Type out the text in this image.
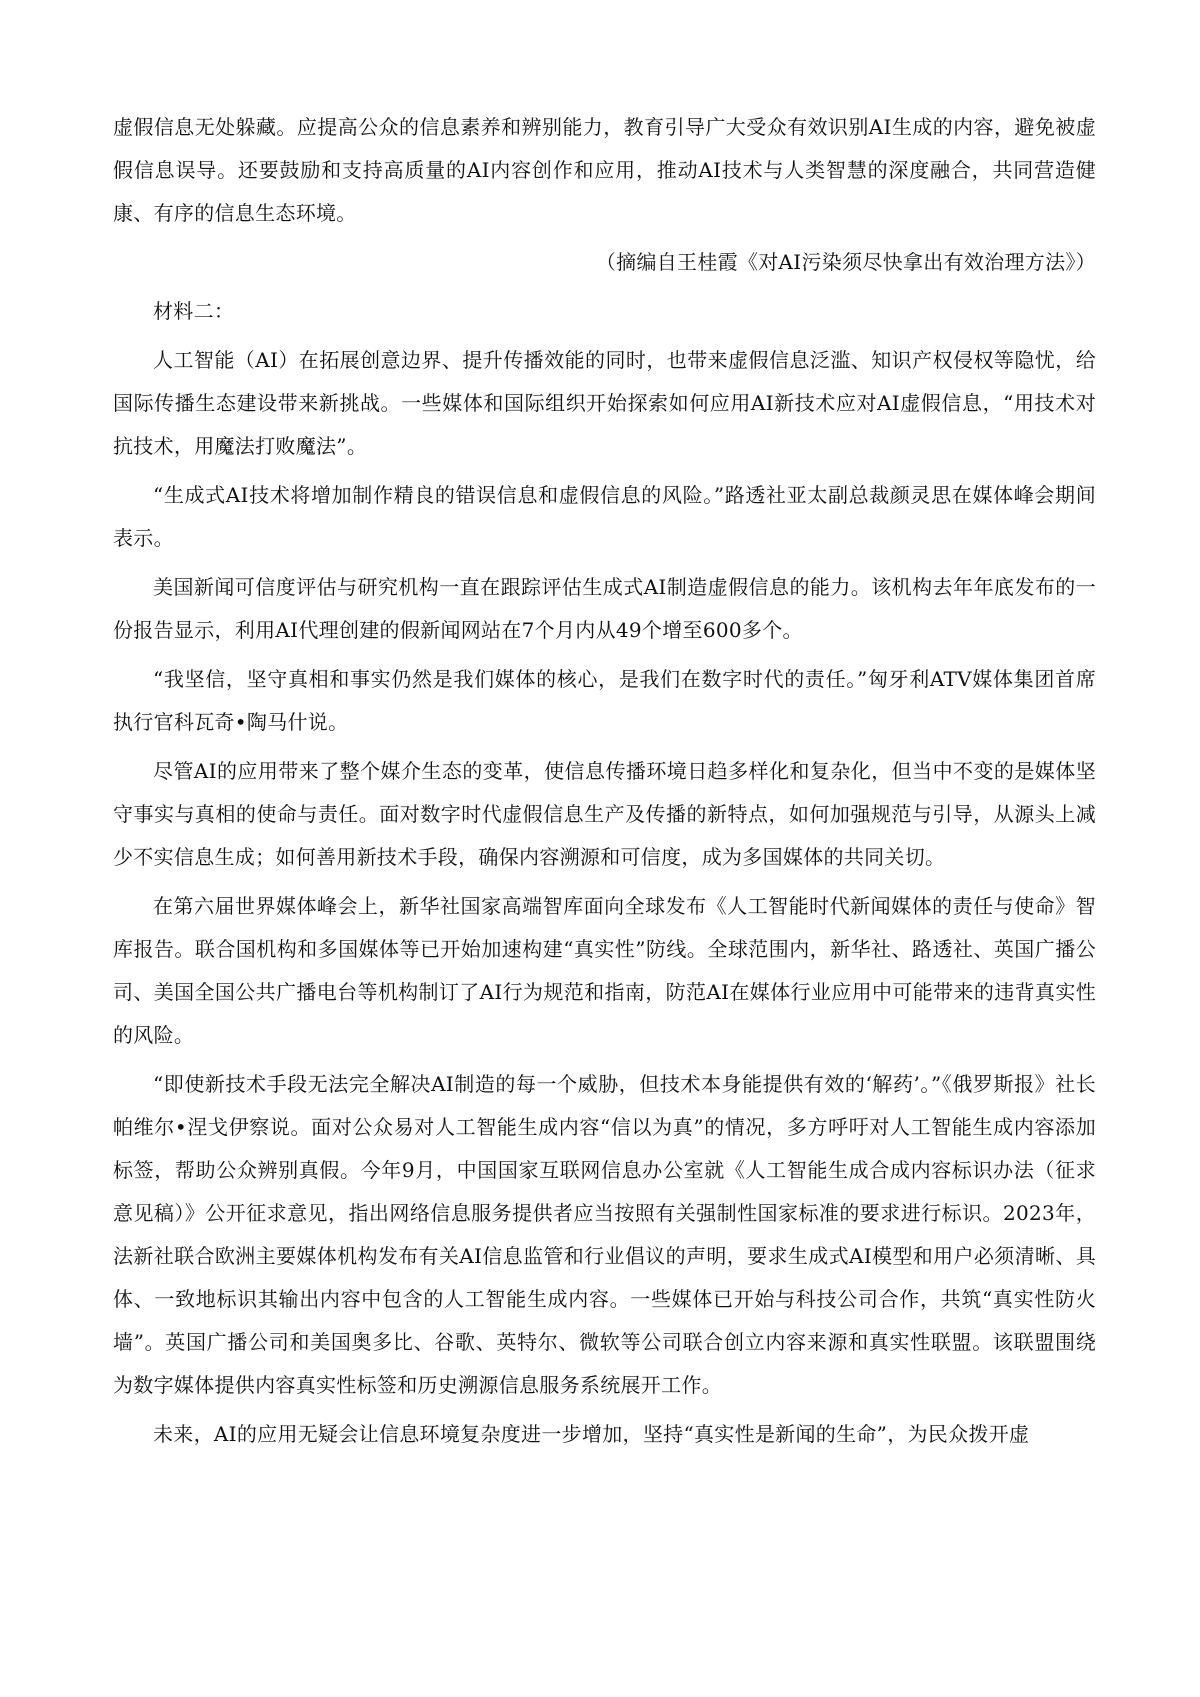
虚假信息无处躲藏。应提高公众的信息素养和辨别能力，教育引导广大受众有效识别AI生成的内容，避免被虚假信息误导。还要鼓励和支持高质量的AI内容创作和应用，推动AI技术与人类智慧的深度融合，共同营造健康、有序的信息生态环境。

（摘编自王桂霞《对AI污染须尽快拿出有效治理方法》）

材料二：

人工智能（AI）在拓展创意边界、提升传播效能的同时，也带来虚假信息泛滥、知识产权侵权等隐忧，给国际传播生态建设带来新挑战。一些媒体和国际组织开始探索如何应用AI新技术应对AI虚假信息，“用技术对抗技术，用魔法打败魔法”。

“生成式AI技术将增加制作精良的错误信息和虚假信息的风险。”路透社亚太副总裁颜灵思在媒体峰会期间表示。

美国新闻可信度评估与研究机构一直在跟踪评估生成式AI制造虚假信息的能力。该机构去年年底发布的一份报告显示，利用AI代理创建的假新闻网站在7个月内从49个增至600多个。

“我坚信，坚守真相和事实仍然是我们媒体的核心，是我们在数字时代的责任。”匈牙利ATV媒体集团首席执行官科瓦奇•陶马什说。

尽管AI的应用带来了整个媒介生态的变革，使信息传播环境日趋多样化和复杂化，但当中不变的是媒体坚守事实与真相的使命与责任。面对数字时代虚假信息生产及传播的新特点，如何加强规范与引导，从源头上减少不实信息生成；如何善用新技术手段，确保内容溯源和可信度，成为多国媒体的共同关切。

在第六届世界媒体峰会上，新华社国家高端智库面向全球发布《人工智能时代新闻媒体的责任与使命》智库报告。联合国机构和多国媒体等已开始加速构建“真实性”防线。全球范围内，新华社、路透社、英国广播公司、美国全国公共广播电台等机构制订了AI行为规范和指南，防范AI在媒体行业应用中可能带来的违背真实性的风险。

“即使新技术手段无法完全解决AI制造的每一个威胁，但技术本身能提供有效的‘解药’。”《俄罗斯报》社长帕维尔•涅戈伊察说。面对公众易对人工智能生成内容“信以为真”的情况，多方呼吁对人工智能生成内容添加标签，帮助公众辨别真假。今年9月，中国国家互联网信息办公室就《人工智能生成合成内容标识办法（征求意见稿）》公开征求意见，指出网络信息服务提供者应当按照有关强制性国家标准的要求进行标识。2023年，法新社联合欧洲主要媒体机构发布有关AI信息监管和行业倡议的声明，要求生成式AI模型和用户必须清晰、具体、一致地标识其输出内容中包含的人工智能生成内容。一些媒体已开始与科技公司合作，共筑“真实性防火墙”。英国广播公司和美国奥多比、谷歌、英特尔、微软等公司联合创立内容来源和真实性联盟。该联盟围绕为数字媒体提供内容真实性标签和历史溯源信息服务系统展开工作。

未来，AI的应用无疑会让信息环境复杂度进一步增加，坚持“真实性是新闻的生命”，为民众拨开虚
